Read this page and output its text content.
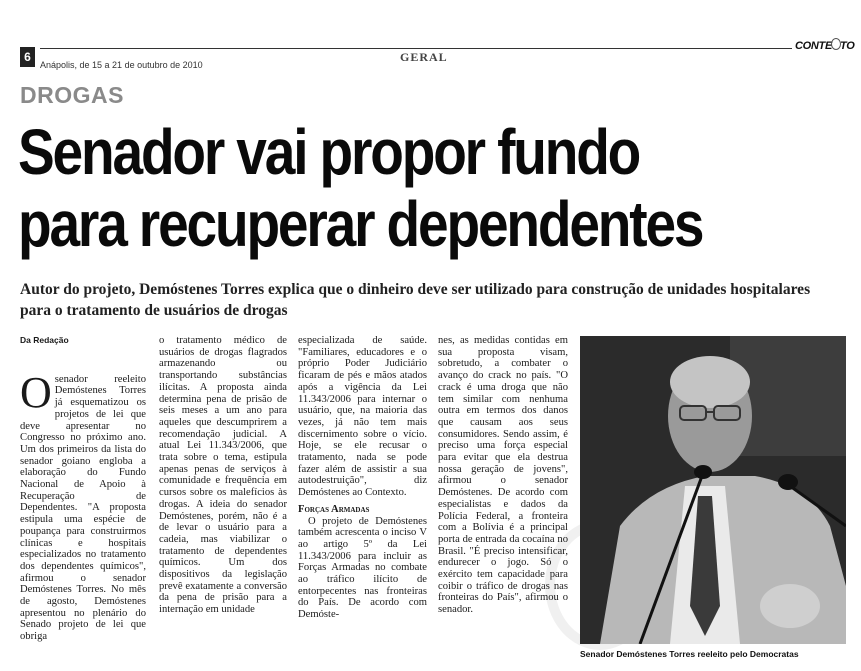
6
Anápolis, de 15 a 21 de outubro de 2010
GERAL
CONTE TO
DROGAS
Senador vai propor fundo
para recuperar dependentes
Autor do projeto, Demóstenes Torres explica que o dinheiro deve ser utilizado para construção de unidades hospitalares para o tratamento de usuários de drogas
Da Redação

Osenador reeleito Demóstenes Torres já esquematizou os projetos de lei que deve apresentar no Congresso no próximo ano. Um dos primeiros da lista do senador goiano engloba a elaboração do Fundo Nacional de Apoio à Recuperação de Dependentes. "A proposta estipula uma espécie de poupança para construirmos clínicas e hospitais especializados no tratamento dos dependentes químicos", afirmou o senador Demóstenes Torres. No mês de agosto, Demóstenes apresentou no plenário do Senado projeto de lei que obriga

o tratamento médico de usuários de drogas flagrados armazenando ou transportando substâncias ilícitas. A proposta ainda determina pena de prisão de seis meses a um ano para aqueles que descumprirem a recomendação judicial. A atual Lei 11.343/2006, que trata sobre o tema, estipula apenas penas de serviços à comunidade e frequência em cursos sobre os malefícios às drogas. A ideia do senador Demóstenes, porém, não é a de levar o usuário para a cadeia, mas viabilizar o tratamento de dependentes químicos. Um dos dispositivos da legislação prevê exatamente a conversão da pena de prisão para a internação em unidade

especializada de saúde. "Familiares, educadores e o próprio Poder Judiciário ficaram de pés e mãos atados após a vigência da Lei 11.343/2006 para internar o usuário, que, na maioria das vezes, já não tem mais discernimento sobre o vício. Hoje, se ele recusar o tratamento, nada se pode fazer além de assistir a sua autodestruição", diz Demóstenes ao Contexto.

Forças Armadas

O projeto de Demóstenes também acrescenta o inciso V ao artigo 5º da Lei 11.343/2006 para incluir as Forças Armadas no combate ao tráfico ilícito de entorpecentes nas fronteiras do País. De acordo com Demóste-

nes, as medidas contidas em sua proposta visam, sobretudo, a combater o avanço do crack no país. "O crack é uma droga que não tem similar com nenhuma outra em termos dos danos que causam aos seus consumidores. Sendo assim, é preciso uma força especial para evitar que ela destrua nossa geração de jovens", afirmou o senador Demóstenes. De acordo com especialistas e dados da Polícia Federal, a fronteira com a Bolívia é a principal porta de entrada da cocaína no Brasil. "É preciso intensificar, endurecer o jogo. Só o exército tem capacidade para coibir o tráfico de drogas nas fronteiras do País", afirmou o senador.

Senador Demóstenes Torres reeleito pelo Democratas
